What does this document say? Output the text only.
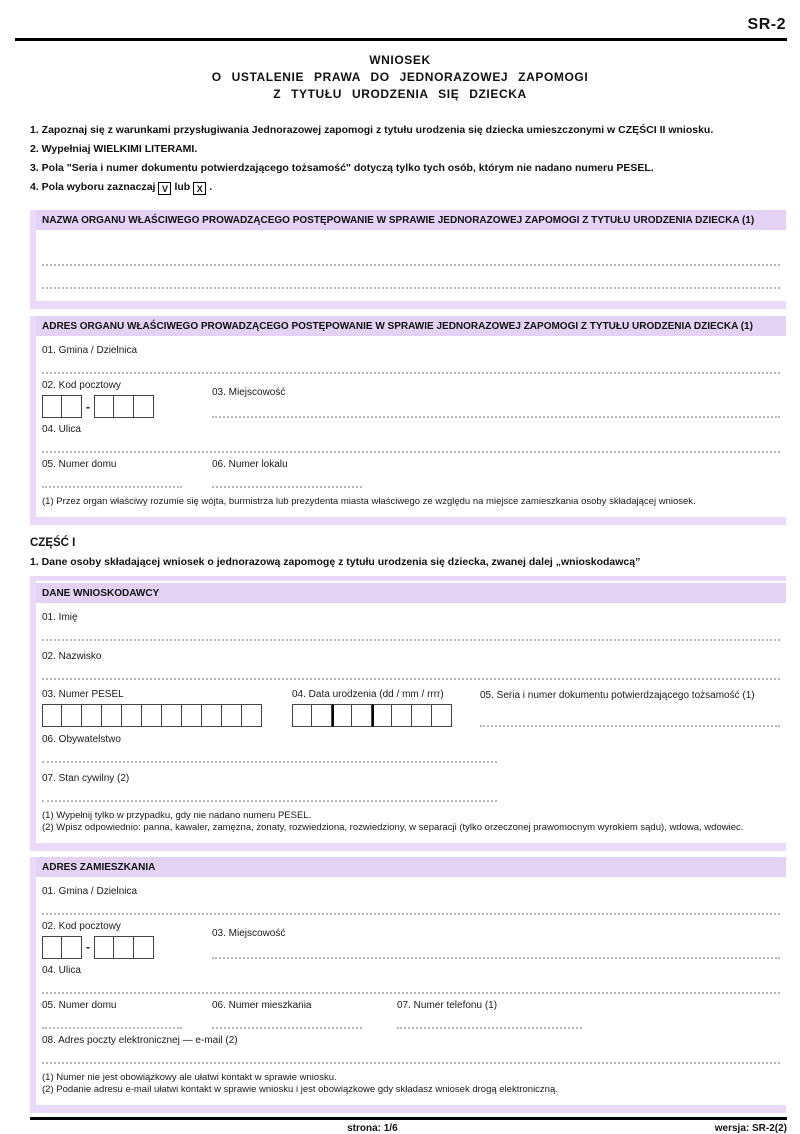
SR-2
WNIOSEK
O USTALENIE PRAWA DO JEDNORAZOWEJ ZAPOMOGI
Z TYTUŁU URODZENIA SIĘ DZIECKA
1. Zapoznaj się z warunkami przysługiwania Jednorazowej zapomogi z tytułu urodzenia się dziecka umieszczonymi w CZĘŚCI II wniosku.
2. Wypełniaj WIELKIMI LITERAMI.
3. Pola "Seria i numer dokumentu potwierdzającego tożsamość" dotyczą tylko tych osób, którym nie nadano numeru PESEL.
4. Pola wyboru zaznaczaj V lub X .
NAZWA ORGANU WŁAŚCIWEGO PROWADZĄCEGO POSTĘPOWANIE W SPRAWIE JEDNORAZOWEJ ZAPOMOGI Z TYTUŁU URODZENIA DZIECKA (1)
ADRES ORGANU WŁAŚCIWEGO PROWADZĄCEGO POSTĘPOWANIE W SPRAWIE JEDNORAZOWEJ ZAPOMOGI Z TYTUŁU URODZENIA DZIECKA (1)
01. Gmina / Dzielnica
02. Kod pocztowy
-
03. Miejscowość
04. Ulica
05. Numer domu	06. Numer lokalu
(1) Przez organ właściwy rozumie się wójta, burmistrza lub prezydenta miasta właściwego ze względu na miejsce zamieszkania osoby składającej wniosek.
CZĘŚĆ I
1. Dane osoby składającej wniosek o jednorazową zapomogę z tytułu urodzenia się dziecka, zwanej dalej „wnioskodawcą”
DANE WNIOSKODAWCY
01. Imię
02. Nazwisko
03. Numer PESEL	04. Data urodzenia (dd / mm / rrrr)	05. Seria i numer dokumentu potwierdzającego tożsamość (1)
06. Obywatelstwo
07. Stan cywilny (2)
(1) Wypełnij tylko w przypadku, gdy nie nadano numeru PESEL.
(2) Wpisz odpowiednio: panna, kawaler, zamężna, żonaty, rozwiedziona, rozwiedziony, w separacji (tylko orzeczonej prawomocnym wyrokiem sądu), wdowa, wdowiec.
ADRES ZAMIESZKANIA
01. Gmina / Dzielnica
02. Kod pocztowy
-
03. Miejscowość
04. Ulica
05. Numer domu	06. Numer mieszkania	07. Numer telefonu (1)
08. Adres poczty elektronicznej — e-mail (2)
(1) Numer nie jest obowiązkowy ale ułatwi kontakt w sprawie wniosku.
(2) Podanie adresu e-mail ułatwi kontakt w sprawie wniosku i jest obowiązkowe gdy składasz wniosek drogą elektroniczną.
strona: 1/6	wersja: SR-2(2)
